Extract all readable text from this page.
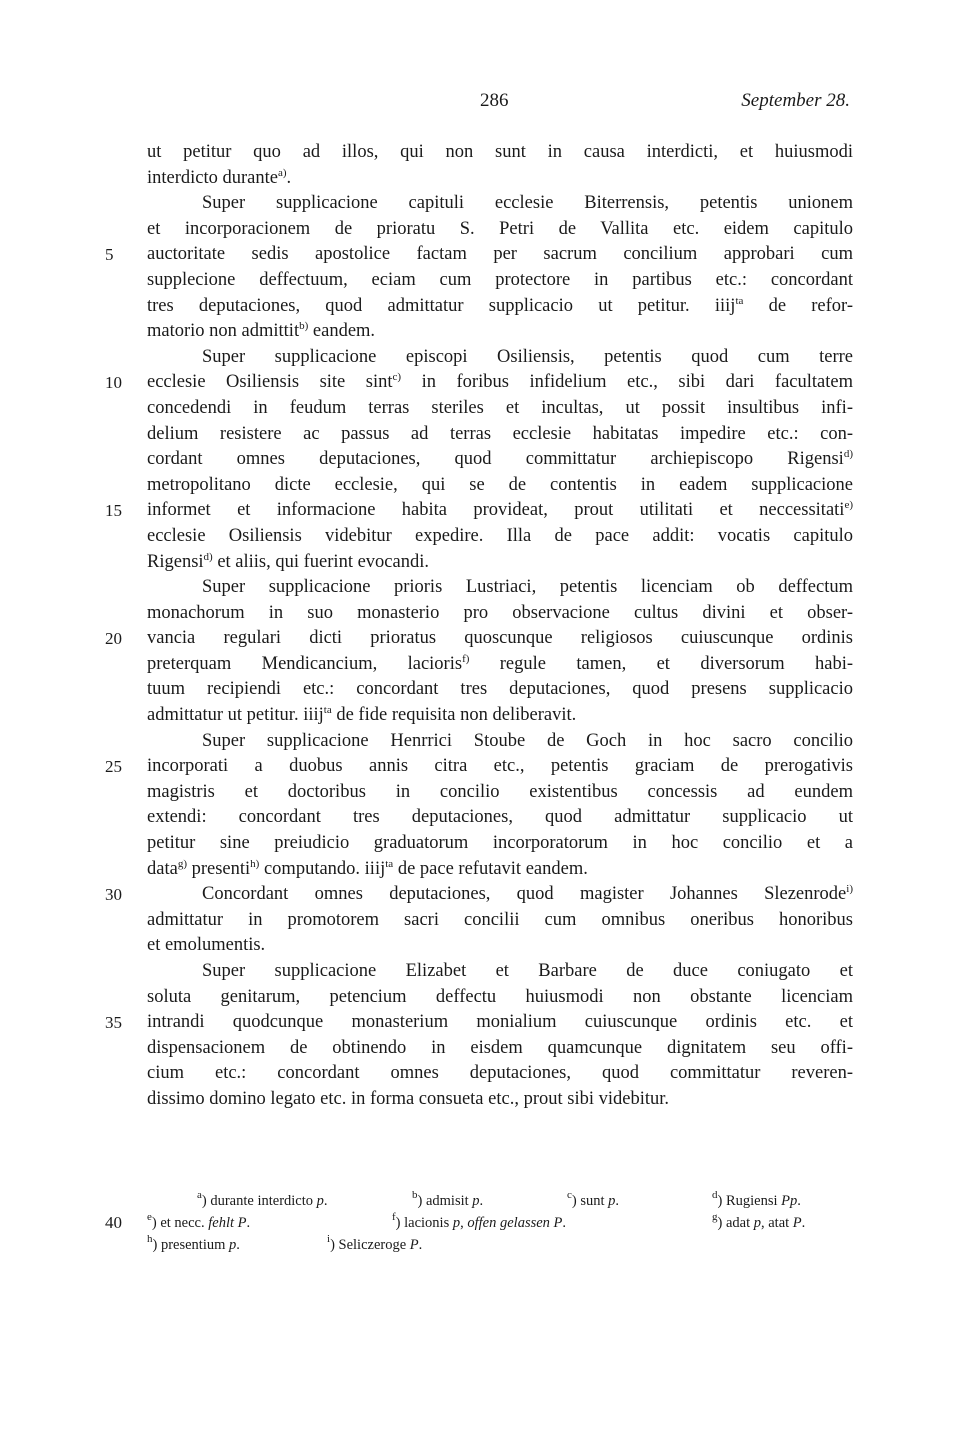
286	September 28.
ut petitur quo ad illos, qui non sunt in causa interdicti, et huiusmodi
interdicto durante$^{a)}$.
Super supplicacione capituli ecclesie Biterrensis, petentis unionem
et incorporacionem de prioratu S. Petri de Vallita etc. eidem capitulo
5	auctoritate sedis apostolice factam per sacrum concilium approbari cum
supplecione deffectuum, eciam cum protectore in partibus etc.: concordant
tres deputaciones, quod admittatur supplicacio ut petitur. iiij$^{ta}$ de refor-
matorio non admittit$^{b)}$ eandem.
Super supplicacione episcopi Osiliensis, petentis quod cum terre
10	ecclesie Osiliensis site sint$^{c)}$ in foribus infidelium etc., sibi dari facultatem
concedendi in feudum terras steriles et incultas, ut possit insultibus infi-
delium resistere ac passus ad terras ecclesie habitatas impedire etc.: con-
cordant omnes deputaciones, quod committatur archiepiscopo Rigensi$^{d)}$
metropolitano dicte ecclesie, qui se de contentis in eadem supplicacione
15	informet et informacione habita provideat, prout utilitati et neccessitati$^{e)}$
ecclesie Osiliensis videbitur expedire. Illa de pace addit: vocatis capitulo
Rigensi$^{d)}$ et aliis, qui fuerint evocandi.
Super supplicacione prioris Lustriaci, petentis licenciam ob deffectum
monachorum in suo monasterio pro observacione cultus divini et obser-
20	vancia regulari dicti prioratus quoscunque religiosos cuiuscunque ordinis
preterquam Mendicancium, lacioris$^{f)}$ regule tamen, et diversorum habi-
tuum recipiendi etc.: concordant tres deputaciones, quod presens supplicacio
admittatur ut petitur. iiij$^{ta}$ de fide requisita non deliberavit.
Super supplicacione Henrrici Stoube de Goch in hoc sacro concilio
25	incorporati a duobus annis citra etc., petentis graciam de prerogativis
magistris et doctoribus in concilio existentibus concessis ad eundem
extendi: concordant tres deputaciones, quod admittatur supplicacio ut
petitur sine preiudicio graduatorum incorporatorum in hoc concilio et a
data$^{g)}$ presenti$^{h)}$ computando. iiij$^{ta}$ de pace refutavit eandem.
30	Concordant omnes deputaciones, quod magister Johannes Slezenrode$^{i)}$
admittatur in promotorem sacri concilii cum omnibus oneribus honoribus
et emolumentis.
Super supplicacione Elizabet et Barbare de duce coniugato et
soluta genitarum, petencium deffectu huiusmodi non obstante licenciam
35	intrandi quodcunque monasterium monialium cuiuscunque ordinis etc. et
dispensacionem de obtinendo in eisdem quamcunque dignitatem seu offi-
cium etc.: concordant omnes deputaciones, quod committatur reveren-
dissimo domino legato etc. in forma consueta etc., prout sibi videbitur.
$^a$) durante interdicto p.	$^b$) admisit p.	$^c$) sunt p.	$^d$) Rugiensi Pp.
40 $^e$) et necc. fehlt P.	$^f$) lacionis p, offen gelassen P.	$^g$) adat p, atat P.
$^h$) presentium p.	$^i$) Seliczeroge P.
